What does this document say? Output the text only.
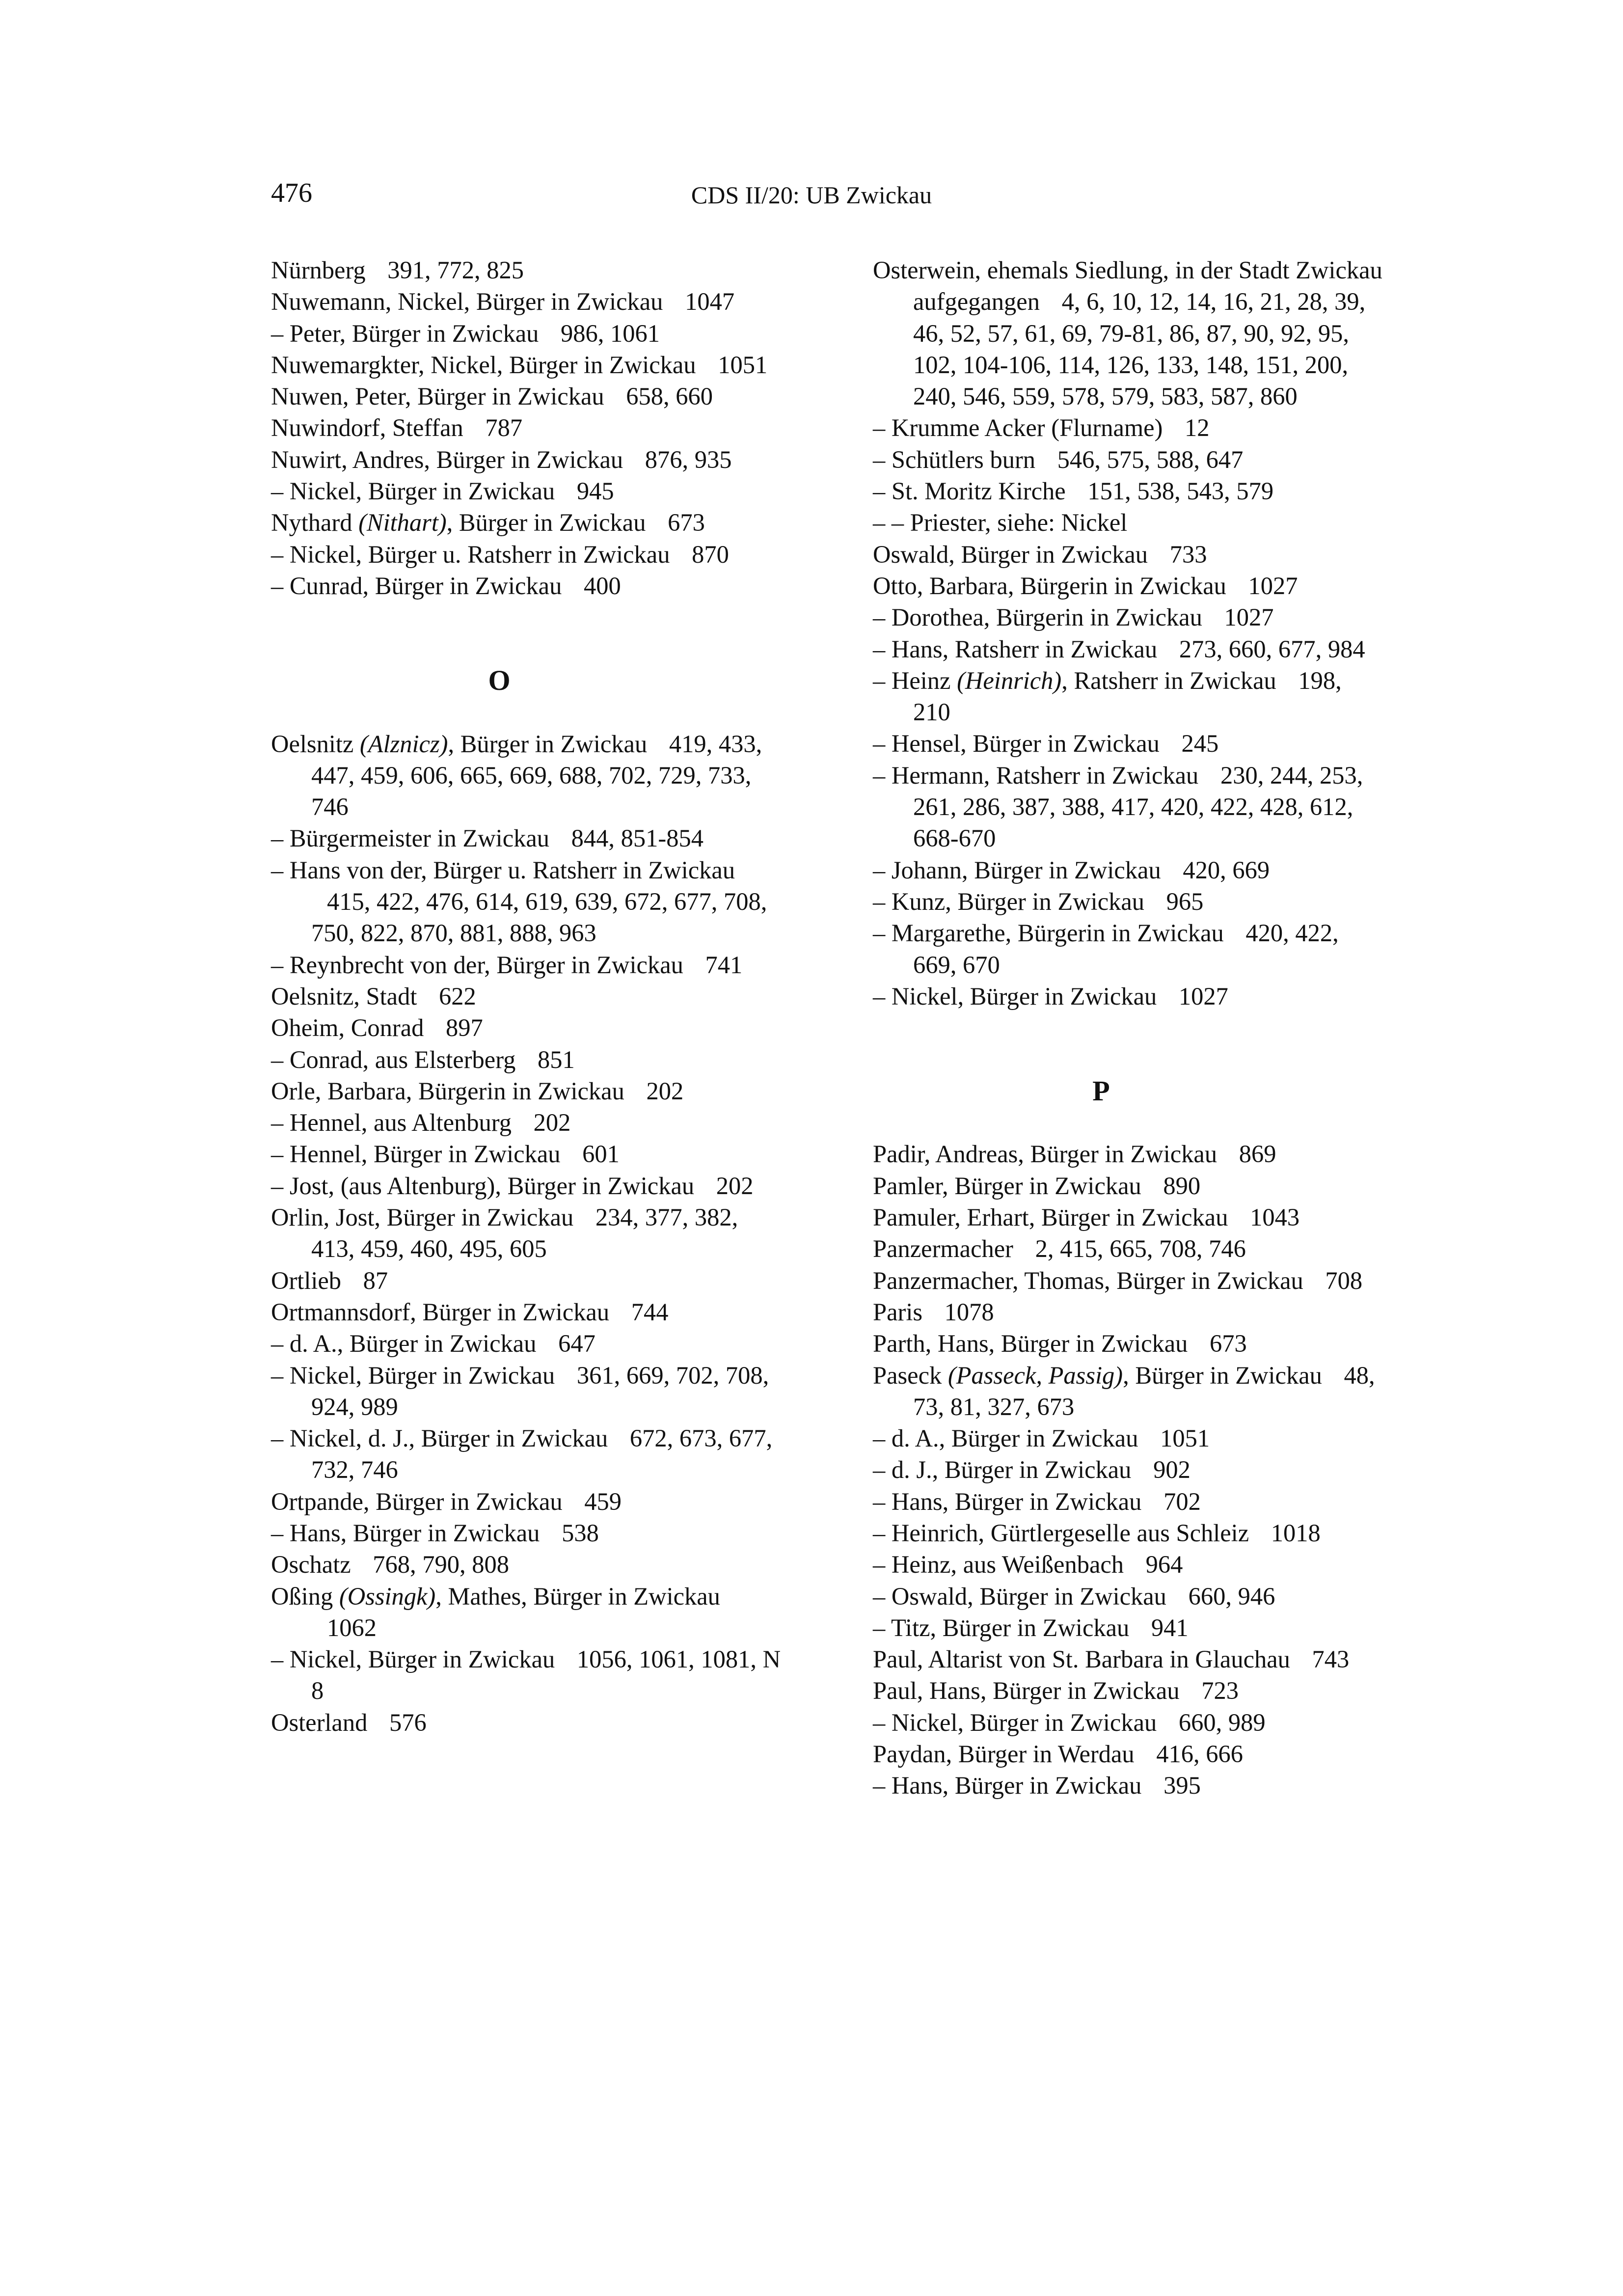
476	CDS II/20: UB Zwickau

Nürnberg 391, 772, 825

Nuwemann, Nickel, Bürger in Zwickau 1047

– Peter, Bürger in Zwickau 986, 1061

Nuwemargkter, Nickel, Bürger in Zwickau 1051

Nuwen, Peter, Bürger in Zwickau 658, 660

Nuwindorf, Steffan 787

Nuwirt, Andres, Bürger in Zwickau 876, 935

– Nickel, Bürger in Zwickau 945

Nythard (Nithart), Bürger in Zwickau 673

– Nickel, Bürger u. Ratsherr in Zwickau 870

– Cunrad, Bürger in Zwickau 400

O

Oelsnitz (Alznicz), Bürger in Zwickau 419, 433, 447, 459, 606, 665, 669, 688, 702, 729, 733, 746

– Bürgermeister in Zwickau 844, 851-854

– Hans von der, Bürger u. Ratsherr in Zwickau 415, 422, 476, 614, 619, 639, 672, 677, 708, 750, 822, 870, 881, 888, 963

– Reynbrecht von der, Bürger in Zwickau 741

Oelsnitz, Stadt 622

Oheim, Conrad 897

– Conrad, aus Elsterberg 851

Orle, Barbara, Bürgerin in Zwickau 202

– Hennel, aus Altenburg 202

– Hennel, Bürger in Zwickau 601

– Jost, (aus Altenburg), Bürger in Zwickau 202

Orlin, Jost, Bürger in Zwickau 234, 377, 382, 413, 459, 460, 495, 605

Ortlieb 87

Ortmannsdorf, Bürger in Zwickau 744

– d. A., Bürger in Zwickau 647

– Nickel, Bürger in Zwickau 361, 669, 702, 708, 924, 989

– Nickel, d. J., Bürger in Zwickau 672, 673, 677, 732, 746

Ortpande, Bürger in Zwickau 459

– Hans, Bürger in Zwickau 538

Oschatz 768, 790, 808

Oßing (Ossingk), Mathes, Bürger in Zwickau 1062

– Nickel, Bürger in Zwickau 1056, 1061, 1081, N 8

Osterland 576

Osterwein, ehemals Siedlung, in der Stadt Zwickau aufgegangen 4, 6, 10, 12, 14, 16, 21, 28, 39, 46, 52, 57, 61, 69, 79-81, 86, 87, 90, 92, 95, 102, 104-106, 114, 126, 133, 148, 151, 200, 240, 546, 559, 578, 579, 583, 587, 860

– Krumme Acker (Flurname) 12

– Schütlers burn 546, 575, 588, 647

– St. Moritz Kirche 151, 538, 543, 579

– – Priester, siehe: Nickel

Oswald, Bürger in Zwickau 733

Otto, Barbara, Bürgerin in Zwickau 1027

– Dorothea, Bürgerin in Zwickau 1027

– Hans, Ratsherr in Zwickau 273, 660, 677, 984

– Heinz (Heinrich), Ratsherr in Zwickau 198, 210

– Hensel, Bürger in Zwickau 245

– Hermann, Ratsherr in Zwickau 230, 244, 253, 261, 286, 387, 388, 417, 420, 422, 428, 612, 668-670

– Johann, Bürger in Zwickau 420, 669

– Kunz, Bürger in Zwickau 965

– Margarethe, Bürgerin in Zwickau 420, 422, 669, 670

– Nickel, Bürger in Zwickau 1027

P

Padir, Andreas, Bürger in Zwickau 869

Pamler, Bürger in Zwickau 890

Pamuler, Erhart, Bürger in Zwickau 1043

Panzermacher 2, 415, 665, 708, 746

Panzermacher, Thomas, Bürger in Zwickau 708

Paris 1078

Parth, Hans, Bürger in Zwickau 673

Paseck (Passeck, Passig), Bürger in Zwickau 48, 73, 81, 327, 673

– d. A., Bürger in Zwickau 1051

– d. J., Bürger in Zwickau 902

– Hans, Bürger in Zwickau 702

– Heinrich, Gürtlergeselle aus Schleiz 1018

– Heinz, aus Weißenbach 964

– Oswald, Bürger in Zwickau 660, 946

– Titz, Bürger in Zwickau 941

Paul, Altarist von St. Barbara in Glauchau 743

Paul, Hans, Bürger in Zwickau 723

– Nickel, Bürger in Zwickau 660, 989

Paydan, Bürger in Werdau 416, 666

– Hans, Bürger in Zwickau 395
